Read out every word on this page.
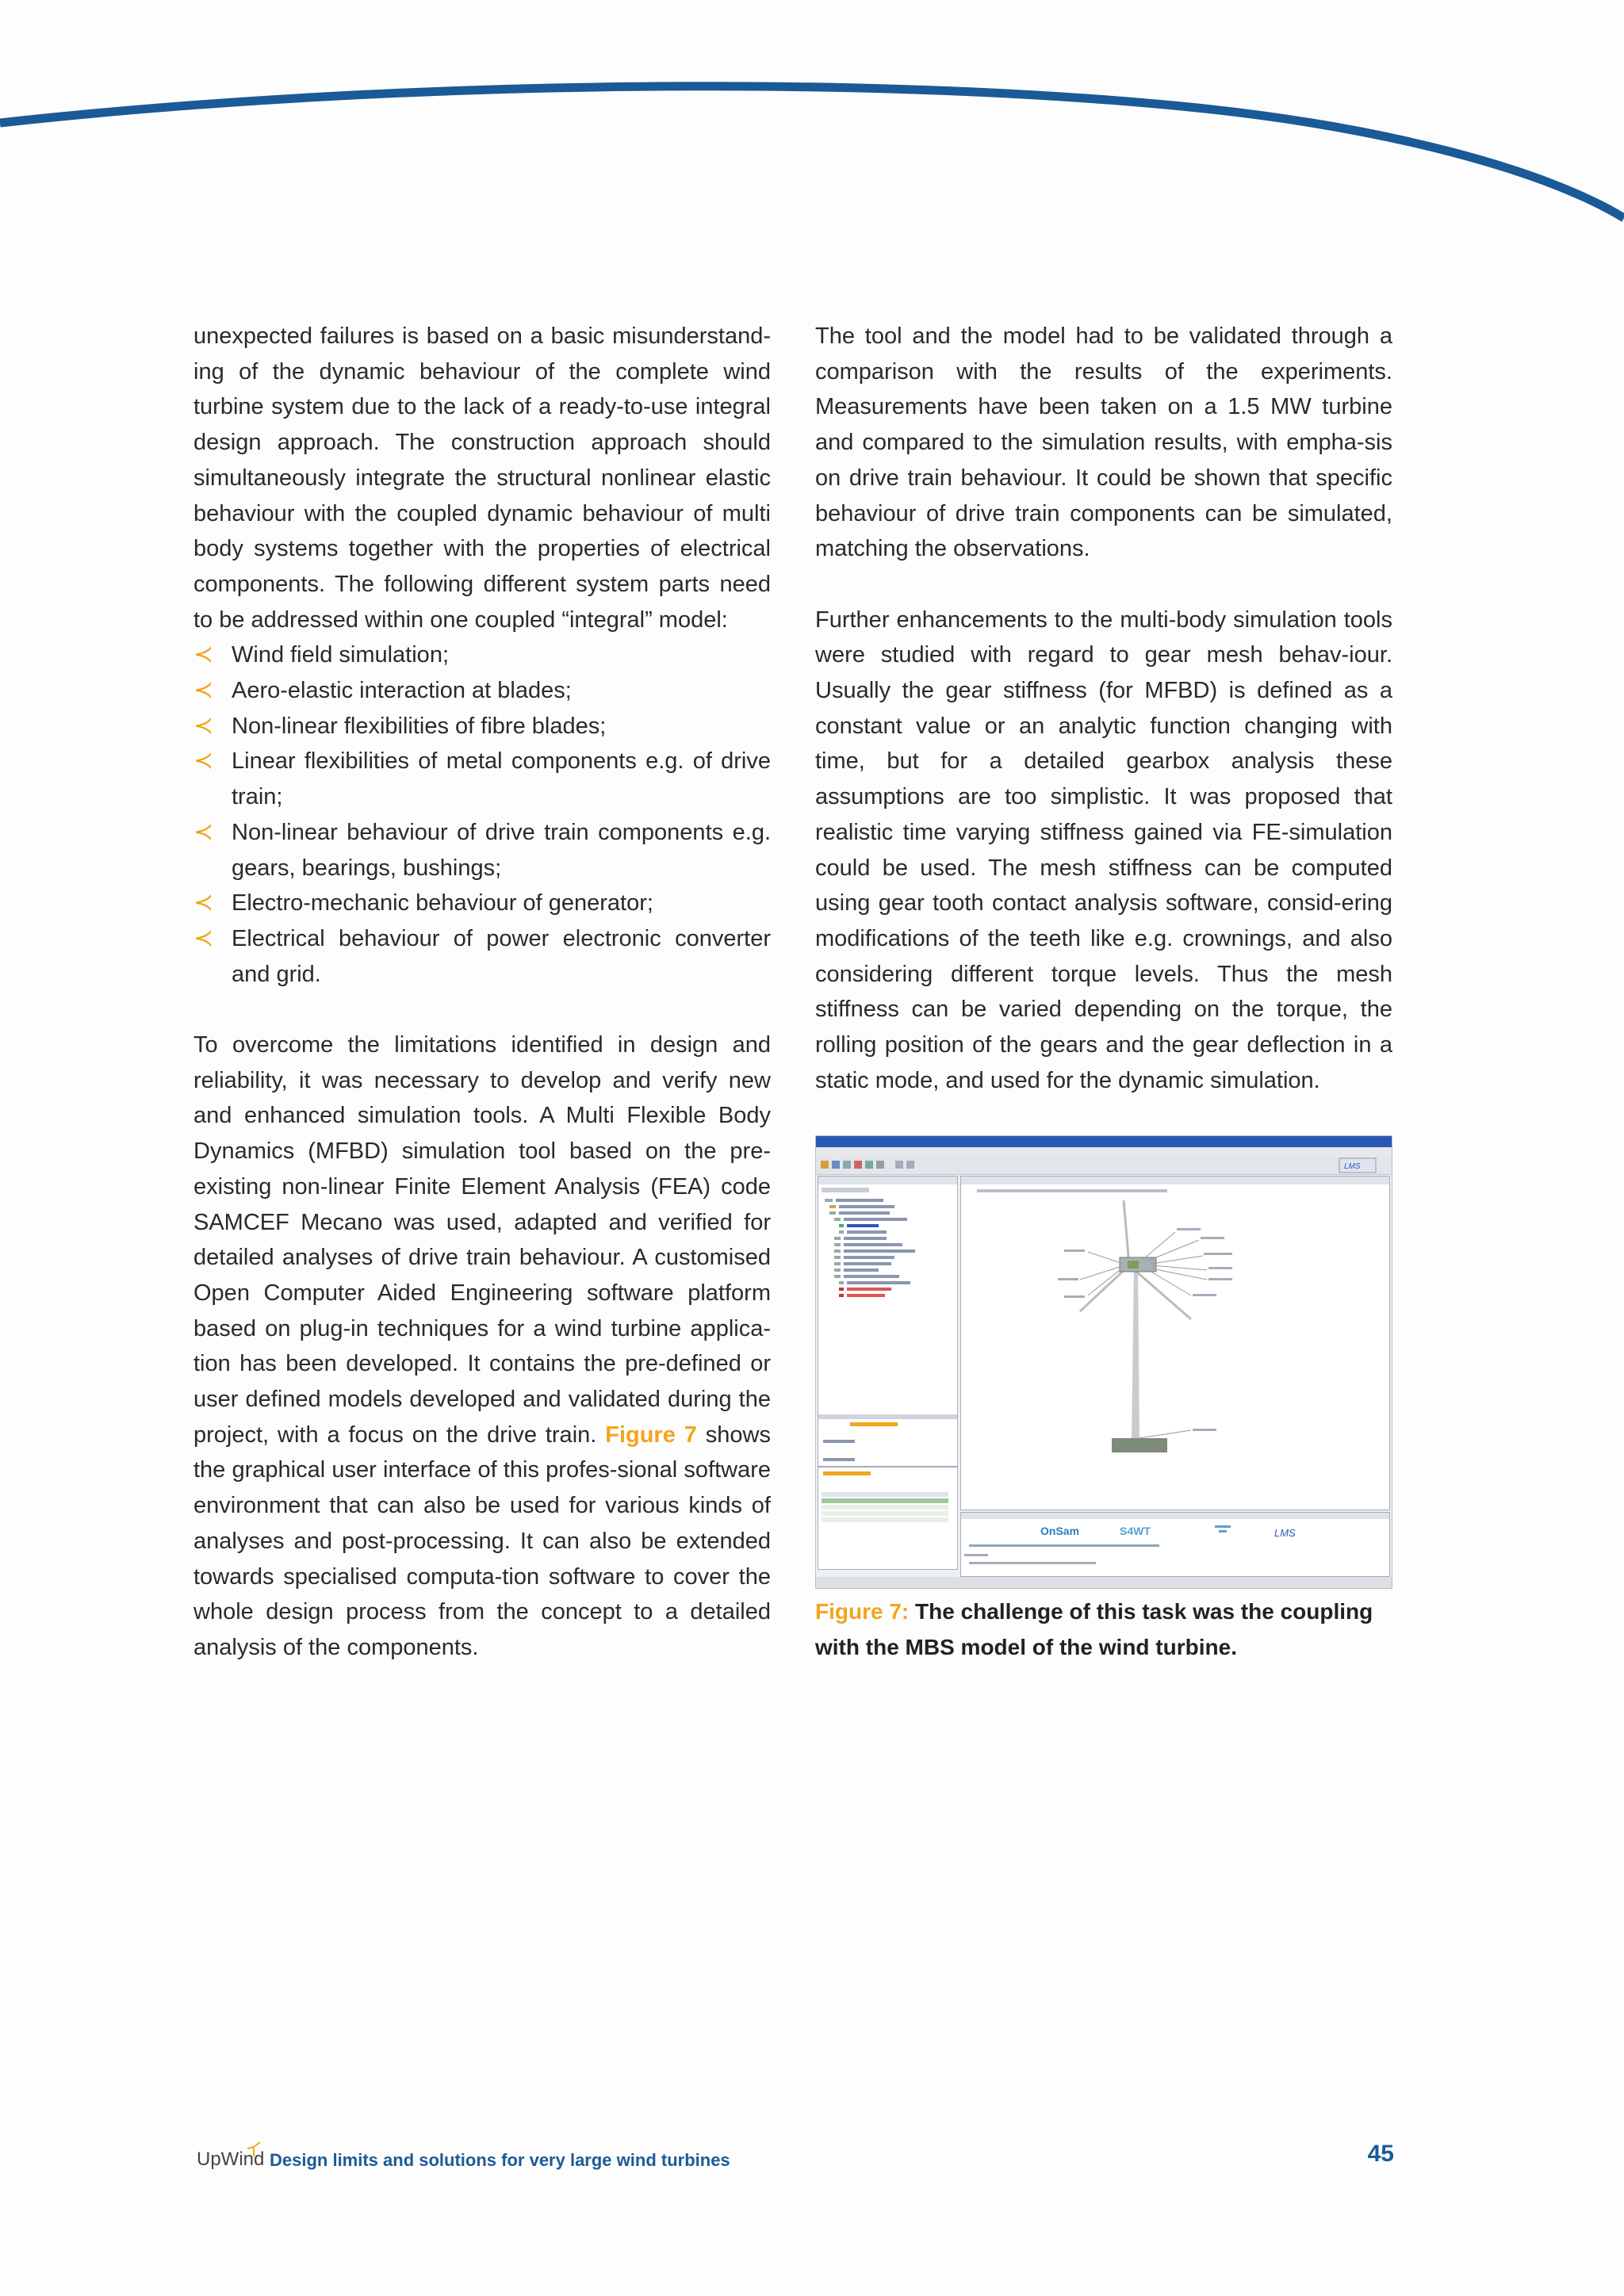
unexpected failures is based on a basic misunderstand-ing of the dynamic behaviour of the complete wind turbine system due to the lack of a ready-to-use integral design approach. The construction approach should simultaneously integrate the structural nonlinear elastic behaviour with the coupled dynamic behaviour of multi body systems together with the properties of electrical components. The following different system parts need to be addressed within one coupled “integral” model:

≺ Wind field simulation;
≺ Aero-elastic interaction at blades;
≺ Non-linear flexibilities of fibre blades;
≺ Linear flexibilities of metal components e.g. of drive train;
≺ Non-linear behaviour of drive train components e.g. gears, bearings, bushings;
≺ Electro-mechanic behaviour of generator;
≺ Electrical behaviour of power electronic converter and grid.

To overcome the limitations identified in design and reliability, it was necessary to develop and verify new and enhanced simulation tools. A Multi Flexible Body Dynamics (MFBD) simulation tool based on the pre-existing non-linear Finite Element Analysis (FEA) code SAMCEF Mecano was used, adapted and verified for detailed analyses of drive train behaviour. A customised Open Computer Aided Engineering software platform based on plug-in techniques for a wind turbine applica-tion has been developed. It contains the pre-defined or user defined models developed and validated during the project, with a focus on the drive train. Figure 7 shows the graphical user interface of this profes-sional software environment that can also be used for various kinds of analyses and post-processing. It can also be extended towards specialised computa-tion software to cover the whole design process from the concept to a detailed analysis of the components.

The tool and the model had to be validated through a comparison with the results of the experiments. Measurements have been taken on a 1.5 MW turbine and compared to the simulation results, with empha-sis on drive train behaviour. It could be shown that specific behaviour of drive train components can be simulated, matching the observations.

Further enhancements to the multi-body simulation tools were studied with regard to gear mesh behav-iour. Usually the gear stiffness (for MFBD) is defined as a constant value or an analytic function changing with time, but for a detailed gearbox analysis these assumptions are too simplistic. It was proposed that realistic time varying stiffness gained via FE-simulation could be used. The mesh stiffness can be computed using gear tooth contact analysis software, consid-ering modifications of the teeth like e.g. crownings, and also considering different torque levels. Thus the mesh stiffness can be varied depending on the torque, the rolling position of the gears and the gear deflection in a static mode, and used for the dynamic simulation.

LMS
OnSam	S4WT	LMS
Figure 7: The challenge of this task was the coupling with the MBS model of the wind turbine.
UpWind Design limits and solutions for very large wind turbines	45
